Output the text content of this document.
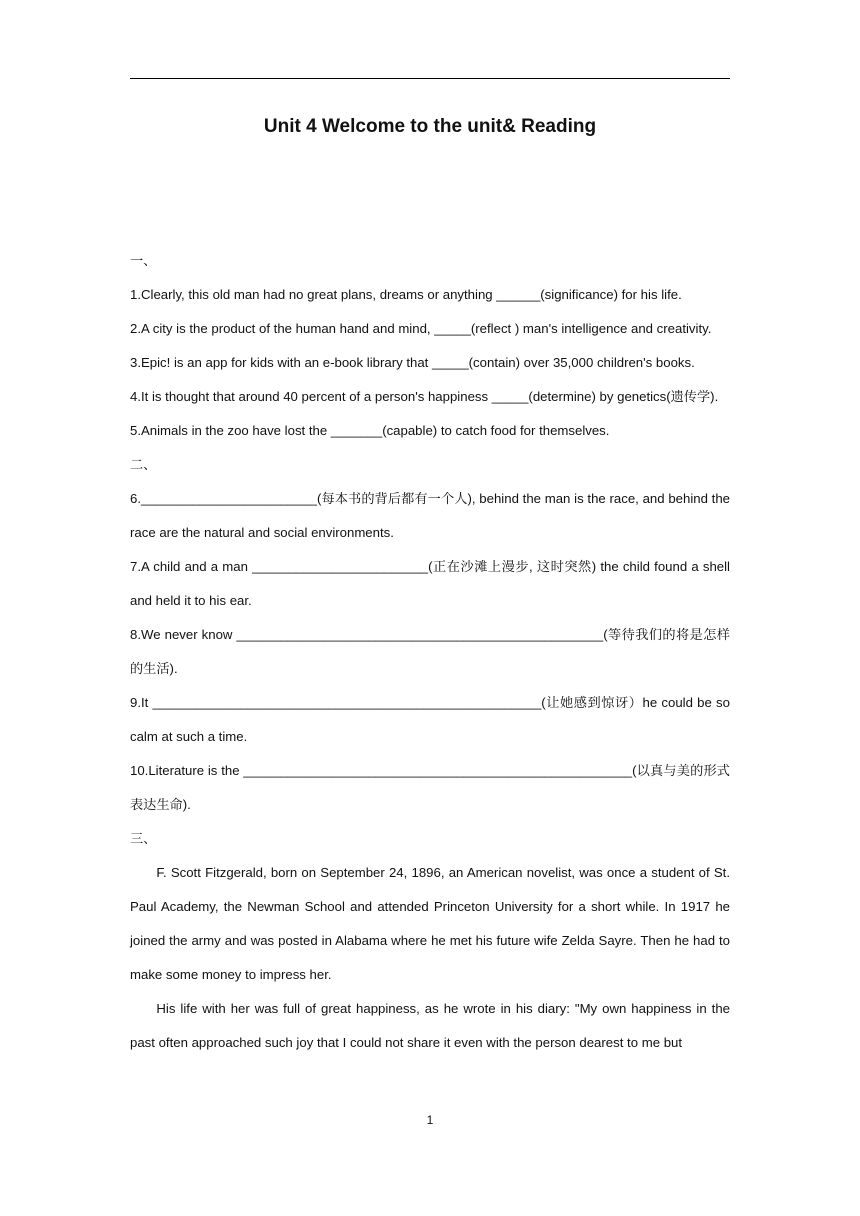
Unit 4 Welcome to the unit& Reading

一、

1.Clearly, this old man had no great plans, dreams or anything ______(significance) for his life.

2.A city is the product of the human hand and mind, _____(reflect ) man's intelligence and creativity.

3.Epic! is an app for kids with an e-book library that _____(contain) over 35,000 children's books.

4.It is thought that around 40 percent of a person's happiness _____(determine) by genetics(遗传学).

5.Animals in the zoo have lost the _______(capable) to catch food for themselves.

二、

6.________________________(每本书的背后都有一个人), behind the man is the race, and behind the race are the natural and social environments.

7.A child and a man ________________________(正在沙滩上漫步, 这时突然) the child found a shell and held it to his ear.

8.We never know __________________________________________________(等待我们的将是怎样的生活).

9.It _____________________________________________________(让她感到惊讶）he could be so calm at such a time.

10.Literature is the _____________________________________________________(以真与美的形式表达生命).

三、

F. Scott Fitzgerald, born on September 24, 1896, an American novelist, was once a student of St. Paul Academy, the Newman School and attended Princeton University for a short while. In 1917 he joined the army and was posted in Alabama where he met his future wife Zelda Sayre. Then he had to make some money to impress her.

His life with her was full of great happiness, as he wrote in his diary: "My own happiness in the past often approached such joy that I could not share it even with the person dearest to me but

1
